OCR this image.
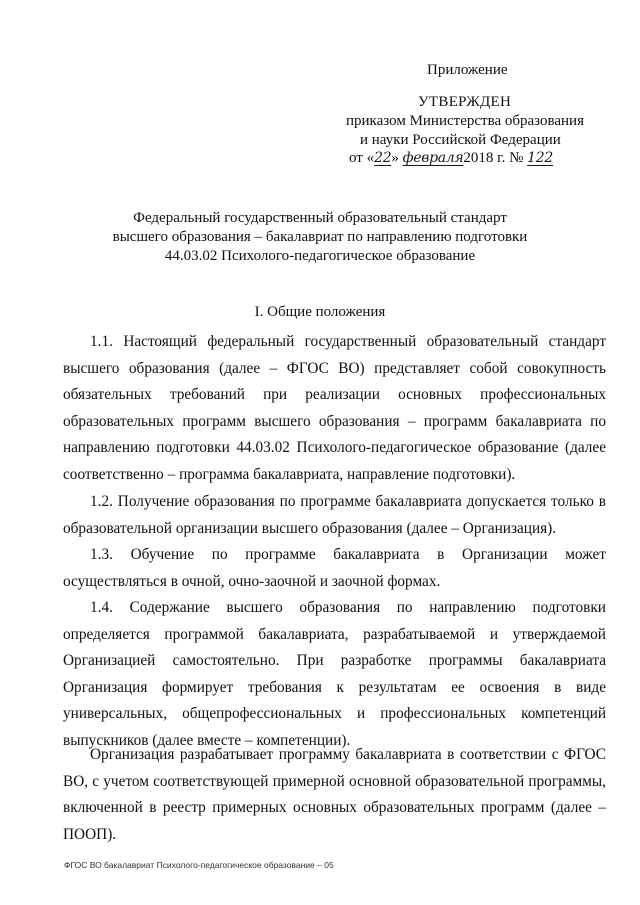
Приложение
УТВЕРЖДЕН
приказом Министерства образования
и науки Российской Федерации
от «22» февраля2018 г. № 122
Федеральный государственный образовательный стандарт
высшего образования – бакалавриат по направлению подготовки
44.03.02 Психолого-педагогическое образование
I. Общие положения
1.1. Настоящий федеральный государственный образовательный стандарт высшего образования (далее – ФГОС ВО) представляет собой совокупность обязательных требований при реализации основных профессиональных образовательных программ высшего образования – программ бакалавриата по направлению подготовки 44.03.02 Психолого-педагогическое образование (далее соответственно – программа бакалавриата, направление подготовки).
1.2. Получение образования по программе бакалавриата допускается только в образовательной организации высшего образования (далее – Организация).
1.3. Обучение по программе бакалавриата в Организации может осуществляться в очной, очно-заочной и заочной формах.
1.4. Содержание высшего образования по направлению подготовки определяется программой бакалавриата, разрабатываемой и утверждаемой Организацией самостоятельно. При разработке программы бакалавриата Организация формирует требования к результатам ее освоения в виде универсальных, общепрофессиональных и профессиональных компетенций выпускников (далее вместе – компетенции).
Организация разрабатывает программу бакалавриата в соответствии с ФГОС ВО, с учетом соответствующей примерной основной образовательной программы, включенной в реестр примерных основных образовательных программ (далее – ПООП).
ФГОС ВО бакалавриат Психолого-педагогическое образование – 05
